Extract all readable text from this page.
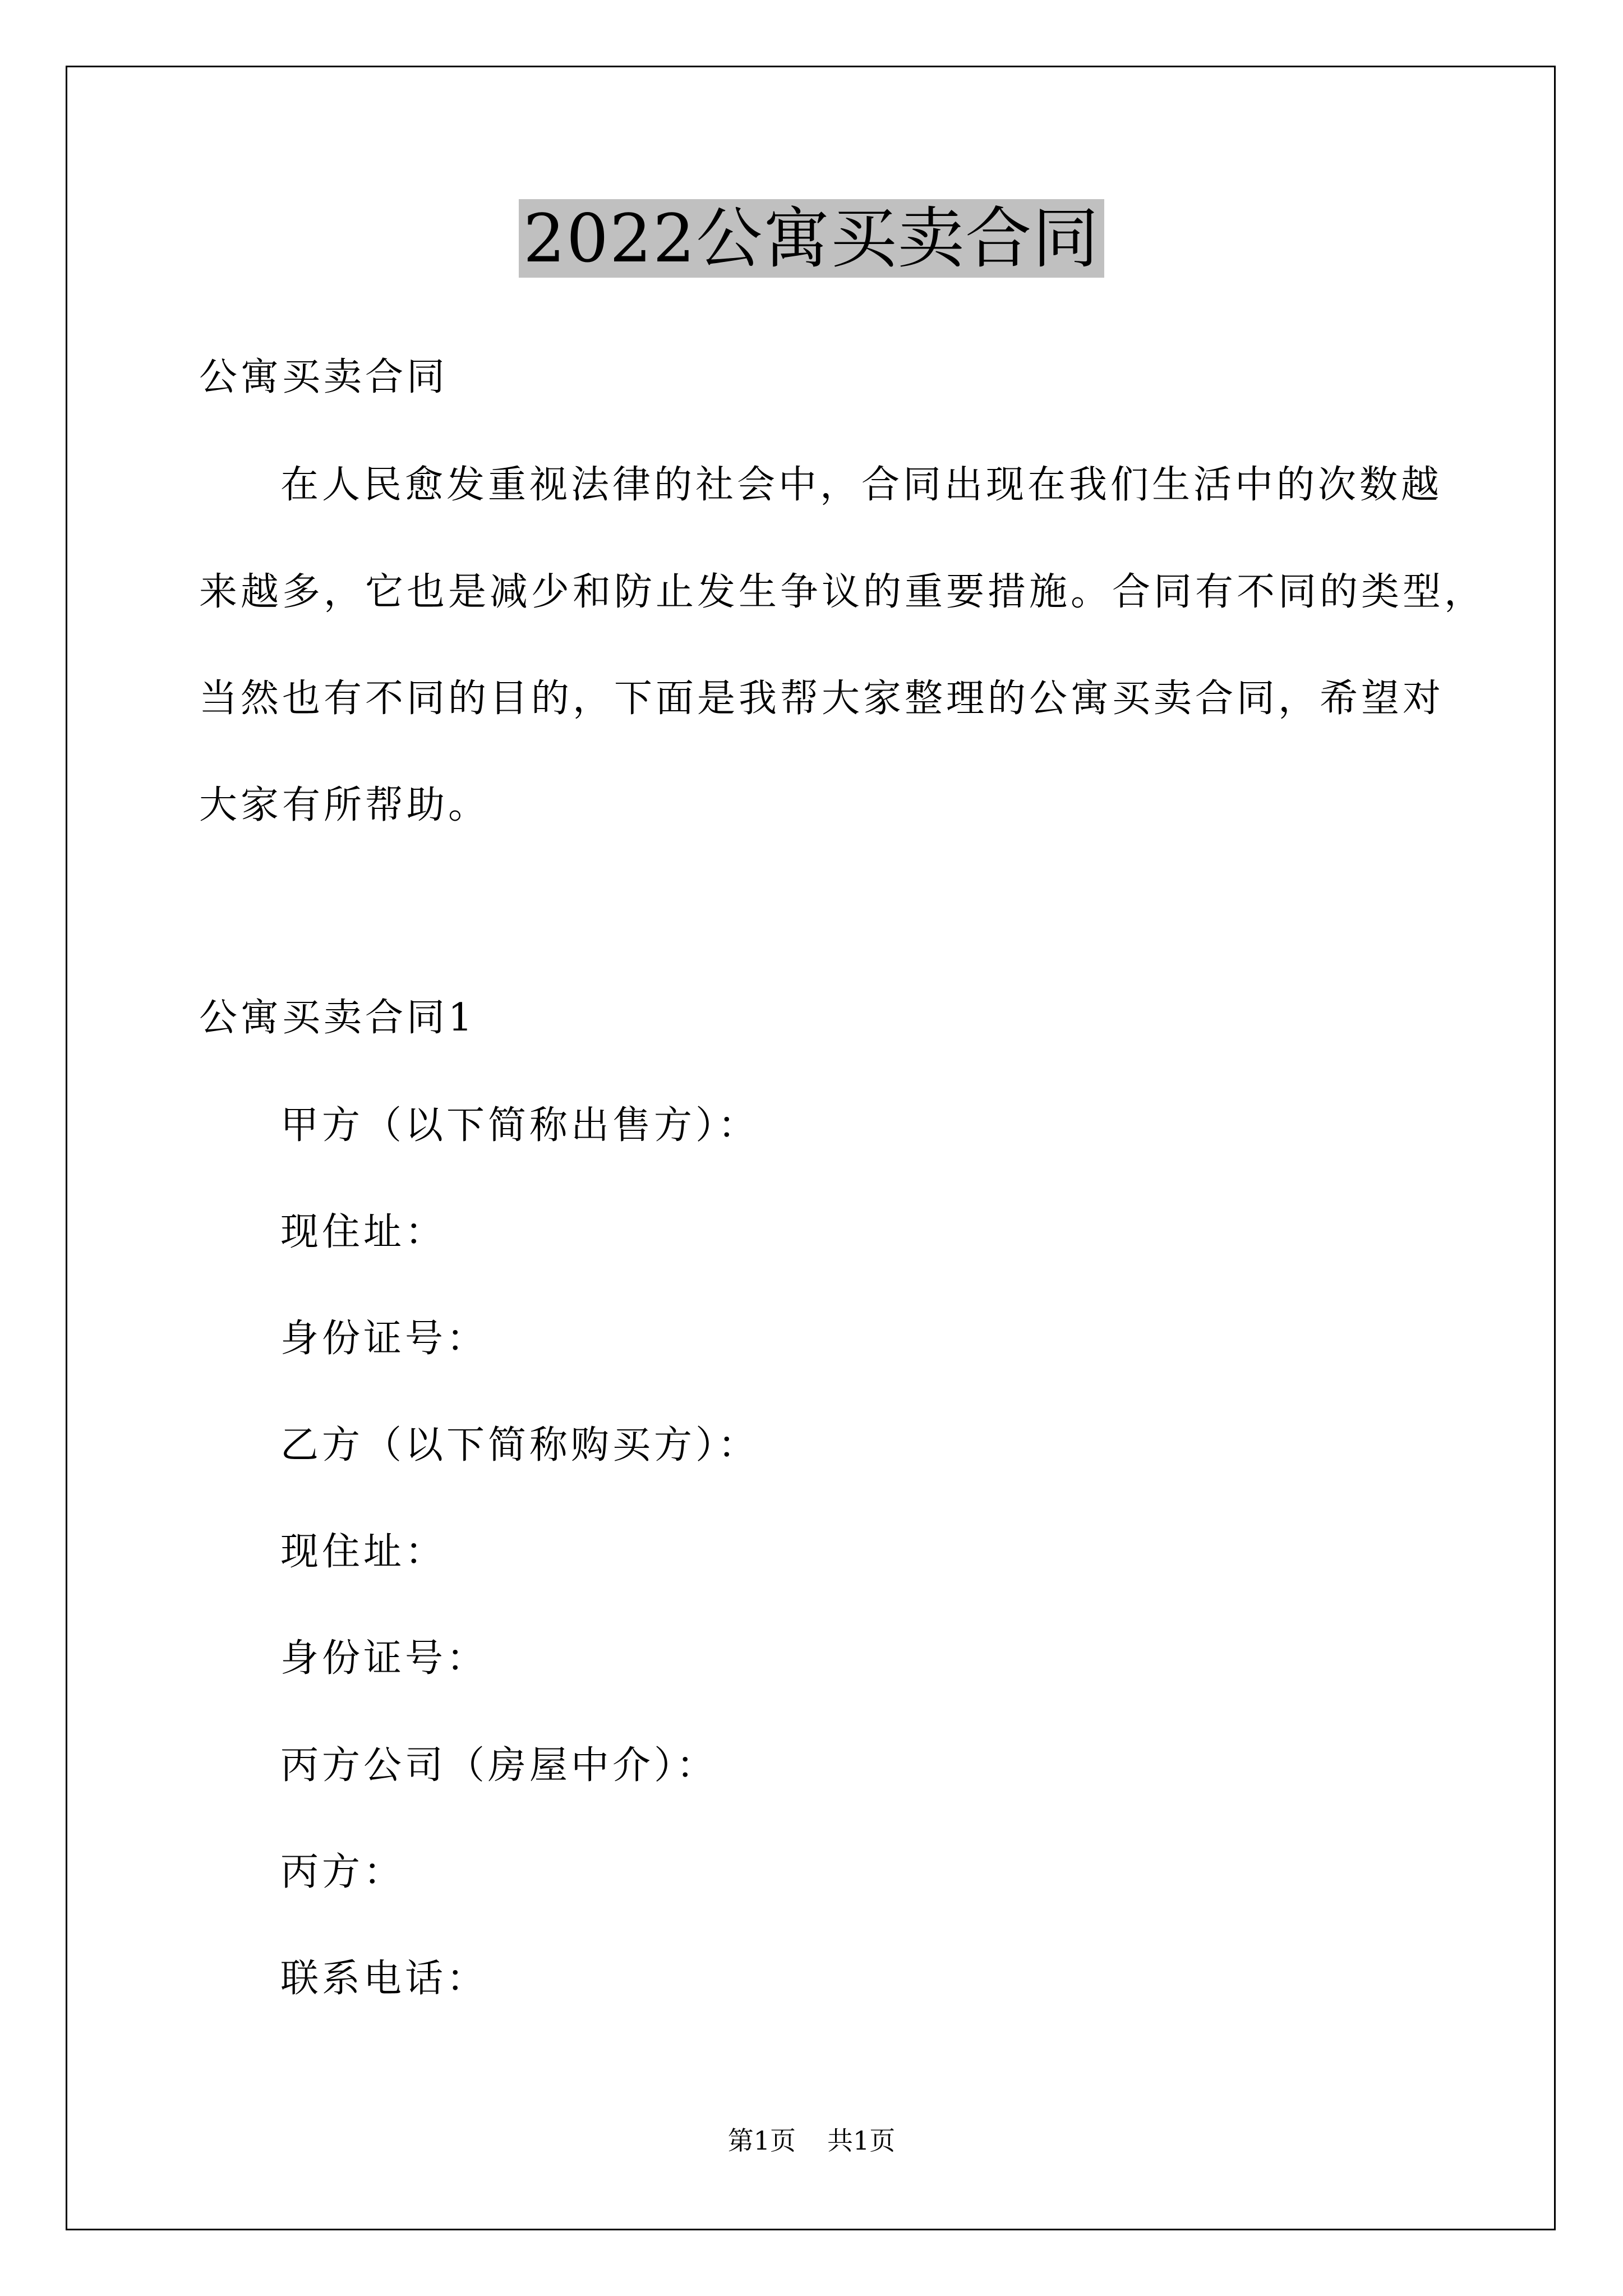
2022公寓买卖合同
公寓买卖合同
在人民愈发重视法律的社会中，合同出现在我们生活中的次数越
来越多，它也是减少和防止发生争议的重要措施。合同有不同的类型，
当然也有不同的目的，下面是我帮大家整理的公寓买卖合同，希望对
大家有所帮助。
公寓买卖合同1
甲方（以下简称出售方）：
现住址：
身份证号：
乙方（以下简称购买方）：
现住址：
身份证号：
丙方公司（房屋中介）：
丙方：
联系电话：
第1页 共1页
